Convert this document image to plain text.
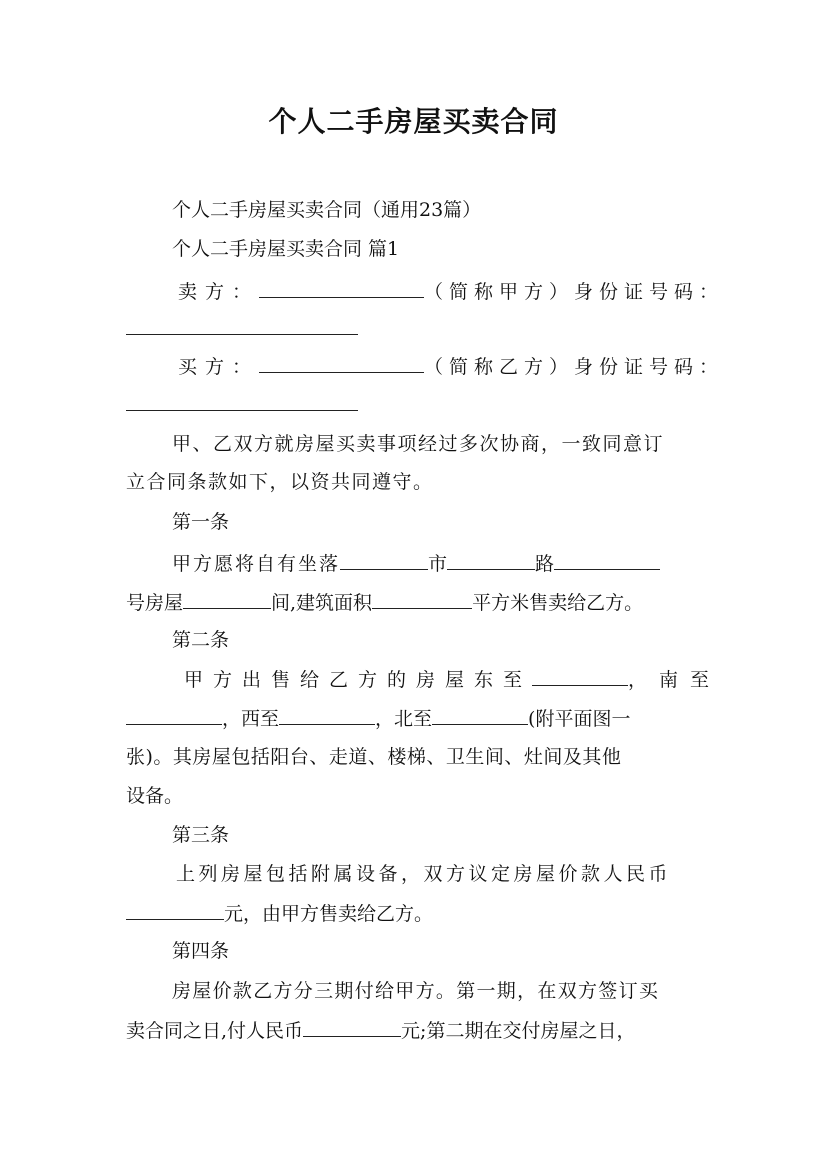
个人二手房屋买卖合同
个人二手房屋买卖合同（通用23篇）
个人二手房屋买卖合同 篇1
卖方：	（简称甲方）身份证号码：
买方：	（简称乙方）身份证号码：
甲、乙双方就房屋买卖事项经过多次协商，一致同意订
立合同条款如下，以资共同遵守。
第一条
甲方愿将自有坐落	市	路
号房屋	间,建筑面积	平方米售卖给乙方。
第二条
甲方出售给乙方的房屋东至	，南至
，西至	，北至	(附平面图一
张)。其房屋包括阳台、走道、楼梯、卫生间、灶间及其他
设备。
第三条
上列房屋包括附属设备，双方议定房屋价款人民币
元，由甲方售卖给乙方。
第四条
房屋价款乙方分三期付给甲方。第一期，在双方签订买
卖合同之日,付人民币	元;第二期在交付房屋之日，
